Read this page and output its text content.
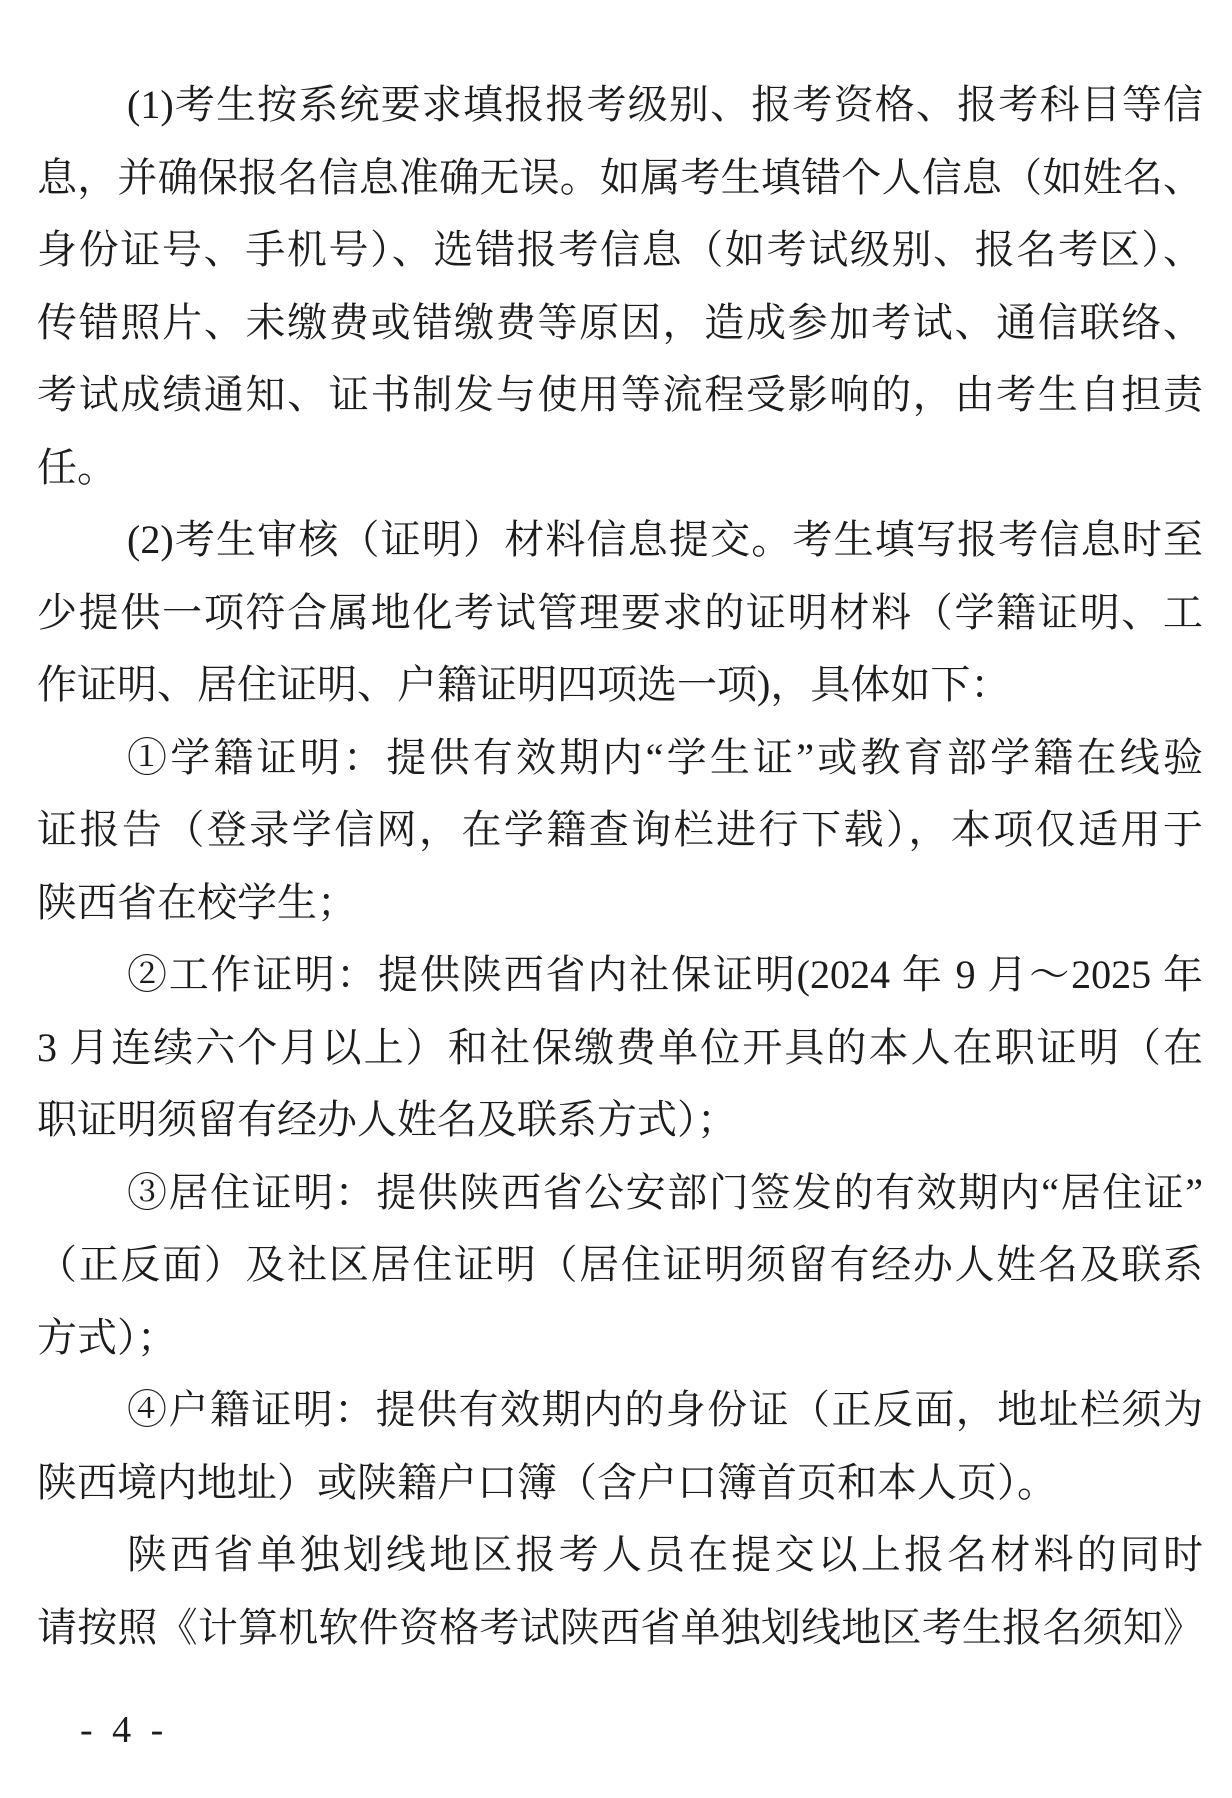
(1)考生按系统要求填报报考级别、报考资格、报考科目等信
息，并确保报名信息准确无误。如属考生填错个人信息（如姓名、
身份证号、手机号）、选错报考信息（如考试级别、报名考区）、
传错照片、未缴费或错缴费等原因，造成参加考试、通信联络、
考试成绩通知、证书制发与使用等流程受影响的，由考生自担责
任。
(2)考生审核（证明）材料信息提交。考生填写报考信息时至
少提供一项符合属地化考试管理要求的证明材料（学籍证明、工
作证明、居住证明、户籍证明四项选一项)，具体如下：
①学籍证明：提供有效期内“学生证”或教育部学籍在线验
证报告（登录学信网，在学籍查询栏进行下载），本项仅适用于
陕西省在校学生；
②工作证明：提供陕西省内社保证明(2024 年 9 月～2025 年
3 月连续六个月以上）和社保缴费单位开具的本人在职证明（在
职证明须留有经办人姓名及联系方式）；
③居住证明：提供陕西省公安部门签发的有效期内“居住证”
（正反面）及社区居住证明（居住证明须留有经办人姓名及联系
方式）；
④户籍证明：提供有效期内的身份证（正反面，地址栏须为
陕西境内地址）或陕籍户口簿（含户口簿首页和本人页）。
陕西省单独划线地区报考人员在提交以上报名材料的同时
请按照《计算机软件资格考试陕西省单独划线地区考生报名须知》
- 4 -
